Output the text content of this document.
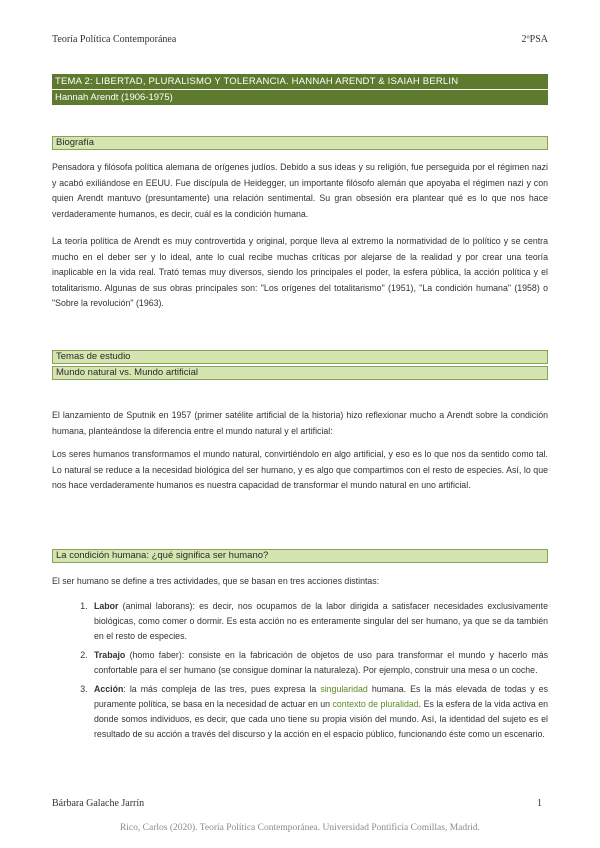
Teoría Política Contemporánea	2ºPSA
TEMA 2: LIBERTAD, PLURALISMO Y TOLERANCIA. HANNAH ARENDT & ISAIAH BERLIN
Hannah Arendt (1906-1975)
Biografía

Pensadora y filósofa política alemana de orígenes judíos. Debido a sus ideas y su religión, fue perseguida por el régimen nazi y acabó exiliándose en EEUU. Fue discípula de Heidegger, un importante filósofo alemán que apoyaba el régimen nazi y con quien Arendt mantuvo (presuntamente) una relación sentimental. Su gran obsesión era plantear qué es lo que nos hace verdaderamente humanos, es decir, cuál es la condición humana.

La teoría política de Arendt es muy controvertida y original, porque lleva al extremo la normatividad de lo político y se centra mucho en el deber ser y lo ideal, ante lo cual recibe muchas críticas por alejarse de la realidad y por crear una teoría inaplicable en la vida real. Trató temas muy diversos, siendo los principales el poder, la esfera pública, la acción política y el totalitarismo. Algunas de sus obras principales son: "Los orígenes del totalitarismo" (1951), "La condición humana" (1958) o "Sobre la revolución" (1963).

Temas de estudio
Mundo natural vs. Mundo artificial

El lanzamiento de Sputnik en 1957 (primer satélite artificial de la historia) hizo reflexionar mucho a Arendt sobre la condición humana, planteándose la diferencia entre el mundo natural y el artificial:

Los seres humanos transformamos el mundo natural, convirtiéndolo en algo artificial, y eso es lo que nos da sentido como tal. Lo natural se reduce a la necesidad biológica del ser humano, y es algo que compartimos con el resto de especies. Así, lo que nos hace verdaderamente humanos es nuestra capacidad de transformar el mundo natural en uno artificial.

La condición humana: ¿qué significa ser humano?

El ser humano se define a tres actividades, que se basan en tres acciones distintas:

1. Labor (animal laborans): es decir, nos ocupamos de la labor dirigida a satisfacer necesidades exclusivamente biológicas, como comer o dormir. Es esta acción no es enteramente singular del ser humano, ya que se da también en el resto de especies.
2. Trabajo (homo faber): consiste en la fabricación de objetos de uso para transformar el mundo y hacerlo más confortable para el ser humano (se consigue dominar la naturaleza). Por ejemplo, construir una mesa o un coche.
3. Acción: la más compleja de las tres, pues expresa la singularidad humana. Es la más elevada de todas y es puramente política, se basa en la necesidad de actuar en un contexto de pluralidad. Es la esfera de la vida activa en donde somos individuos, es decir, que cada uno tiene su propia visión del mundo. Así, la identidad del sujeto es el resultado de su acción a través del discurso y la acción en el espacio público, funcionando éste como un escenario.
Bárbara Galache Jarrín	1
Rico, Carlos (2020). Teoría Política Contemporánea. Universidad Pontificia Comillas, Madrid.
